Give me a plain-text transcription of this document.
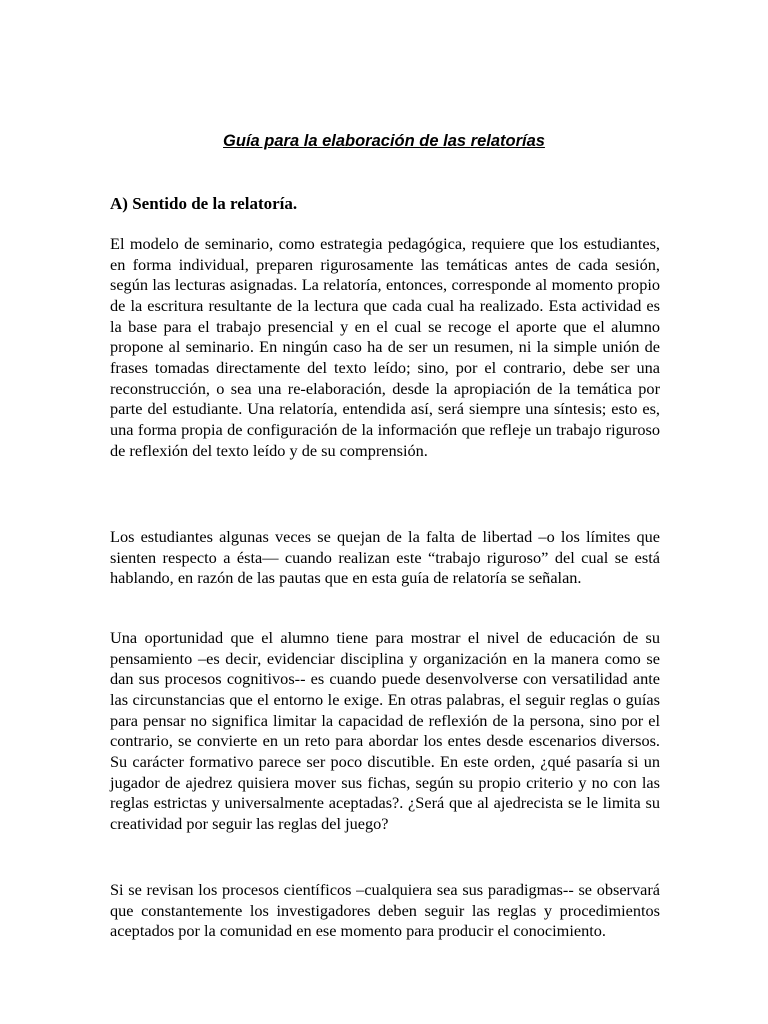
Guía para la elaboración de las relatorías
A) Sentido de la relatoría.

El modelo de seminario, como estrategia pedagógica, requiere que los estudiantes, en forma individual, preparen rigurosamente las temáticas antes de cada sesión, según las lecturas asignadas. La relatoría, entonces, corresponde al momento propio de la escritura resultante de la lectura que cada cual ha realizado. Esta actividad es la base para el trabajo presencial y en el cual se recoge el aporte que el alumno propone al seminario. En ningún caso ha de ser un resumen, ni la simple unión de frases tomadas directamente del texto leído; sino, por el contrario, debe ser una reconstrucción, o sea una re-elaboración, desde la apropiación de la temática por parte del estudiante. Una relatoría, entendida así, será siempre una síntesis; esto es, una forma propia de configuración de la información que refleje un trabajo riguroso de reflexión del texto leído y de su comprensión.

Los estudiantes algunas veces se quejan de la falta de libertad –o los límites que sienten respecto a ésta— cuando realizan este “trabajo riguroso” del cual se está hablando, en razón de las pautas que en esta guía de relatoría se señalan.

Una oportunidad que el alumno tiene para mostrar el nivel de educación de su pensamiento –es decir, evidenciar disciplina y organización en la manera como se dan sus procesos cognitivos-- es cuando puede desenvolverse con versatilidad ante las circunstancias que el entorno le exige. En otras palabras, el seguir reglas o guías para pensar no significa limitar la capacidad de reflexión de la persona, sino por el contrario, se convierte en un reto para abordar los entes desde escenarios diversos. Su carácter formativo parece ser poco discutible. En este orden, ¿qué pasaría si un jugador de ajedrez quisiera mover sus fichas, según su propio criterio y no con las reglas estrictas y universalmente aceptadas?. ¿Será que al ajedrecista se le limita su creatividad por seguir las reglas del juego?

Si se revisan los procesos científicos –cualquiera sea sus paradigmas-- se observará que constantemente los investigadores deben seguir las reglas y procedimientos aceptados por la comunidad en ese momento para producir el conocimiento.
